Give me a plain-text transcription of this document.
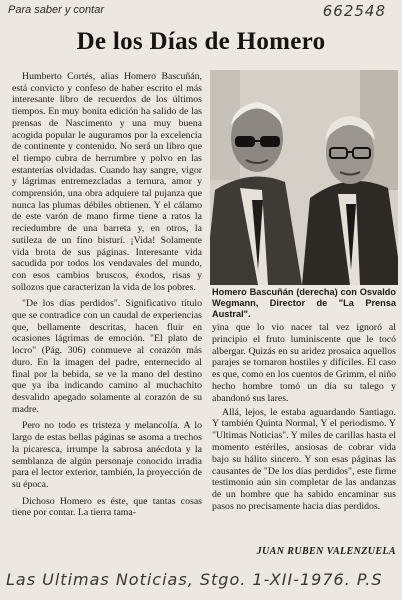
Para saber y contar	662548
De los Días de Homero

Humberto Cortés, alias Homero Bascuñán, está convicto y confeso de haber escrito el más interesante libro de recuerdos de los últimos tiempos. En muy bonita edición ha salido de las prensas de Nascimento y una muy buena acogida popular le auguramos por la excelencia de continente y contenido. No será un libro que el tiempo cubra de herrumbre y polvo en las estanterías olvidadas. Cuando hay sangre, vigor y lágrimas entremezcladas a ternura, amor y comprensión, una obra adquiere tal pujanza que nunca las plumas débiles obtienen. Y el cálamo de este varón de mano firme tiene a ratos la reciedumbre de una barreta y, en otros, la sutileza de un fino bisturí. ¡Vida! Solamente vida brota de sus páginas. Interesante vida sacudida por todos los vendavales del mundo, con esos cambios bruscos, éxodos, risas y sollozos que caracterizan la vida de los pobres.

"De los días perdidos". Significativo título que se contradice con un caudal de experiencias que, bellamente descritas, hacen fluir en ocasiones lágrimas de emoción. "El plato de locro" (Pág. 306) conmueve al corazón más duro. En la imagen del padre, enternecido al final por la bebida, se ve la mano del destino que ya iba indicando camino al muchachito desvalido apegado solamente al corazón de su madre.

Pero no todo es tristeza y melancolía. A lo largo de estas bellas páginas se asoma a trechos la picaresca, irrumpe la sabrosa anécdota y la semblanza de algún personaje conocido irradia para el lector exterior, también, la proyección de su época.

Dichoso Homero es éste, que tantas cosas tiene por contar. La tierra tama-

Homero Bascuñán (derecha) con Osvaldo Wegmann, Director de "La Prensa Austral".

yina que lo vio nacer tal vez ignoró al principio el fruto luminiscente que le tocó albergar. Quizás en su aridez prosaica aquellos parajes se tornaron hostiles y difíciles. El caso es que, como en los cuentos de Grimm, el niño hecho hombre tomó un día su talego y abandonó sus lares.

Allá, lejos, le estaba aguardando Santiago. Y también Quinta Normal, Y el periodismo. Y "Ultimas Noticias". Y miles de carillas hasta el momento estériles, ansiosas de cobrar vida bajo su hálito sincero. Y son esas páginas las causantes de "De los días perdidos", este firme testimonio aún sin completar de las andanzas de un hombre que ha sabido encaminar sus pasos no precisamente hacia días perdidos.

JUAN RUBEN VALENZUELA
Las Ultimas Noticias, Stgo. 1-XII-1976. P.S
